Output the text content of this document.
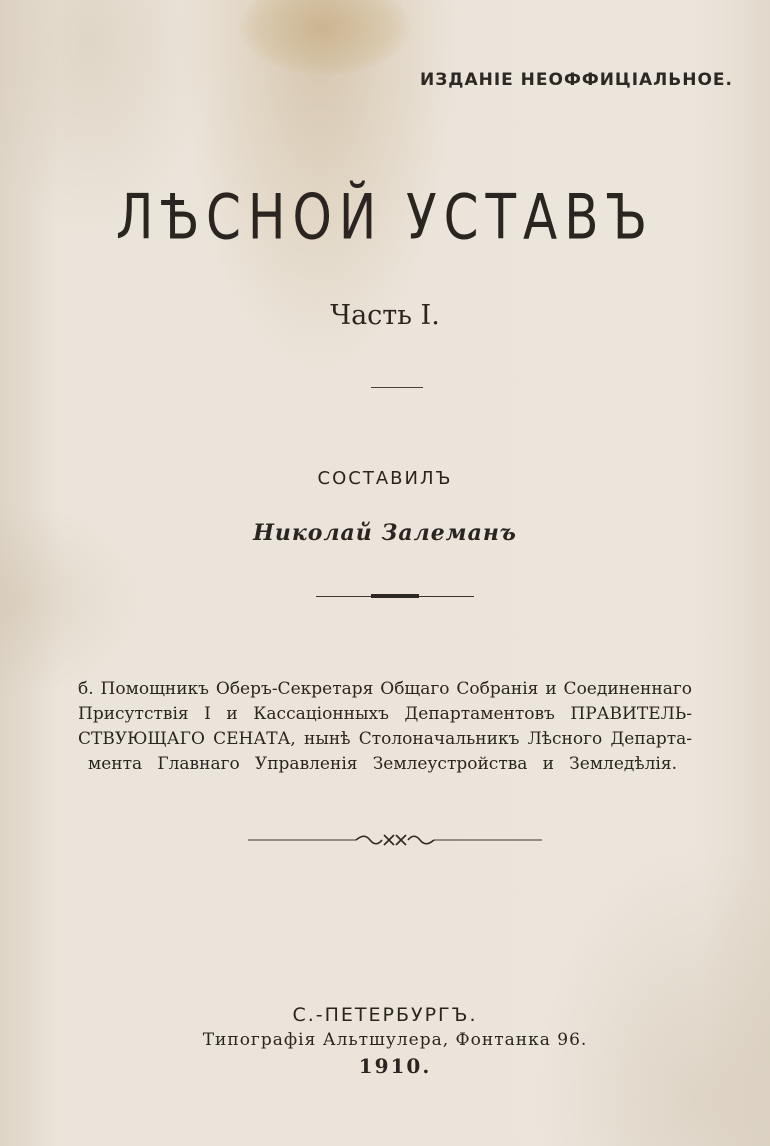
ИЗДАНIЕ НЕОФФИЦIАЛЬНОЕ.
ЛѢСНОЙ УСТАВЪ
Часть I.
СОСТАВИЛЪ
Николай Залеманъ
б. Помощникъ Оберъ-Секретаря Общаго Собранiя и Соединеннаго
Присутствiя I и Кассацiонныхъ Департаментовъ ПРАВИТЕЛЬ-
СТВУЮЩАГО СЕНАТА, нынѣ Столоначальникъ Лѣсного Департа-
мента Главнаго Управленiя Землеустройства и Земледѣлiя.
С.-ПЕТЕРБУРГЪ.
Типографiя Альтшулера, Фонтанка 96.
1910.
